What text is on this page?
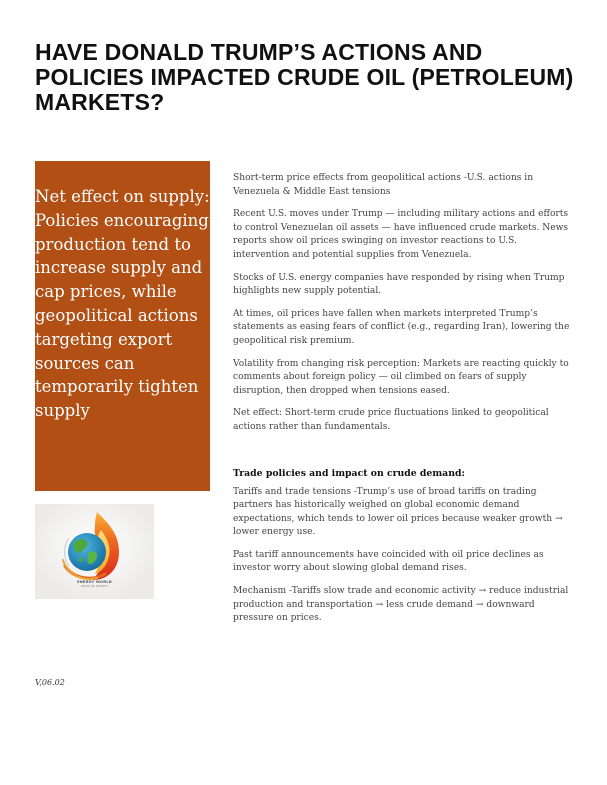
HAVE DONALD TRUMP’S ACTIONS AND POLICIES IMPACTED CRUDE OIL (PETROLEUM) MARKETS?

Net effect on supply: Policies encouraging production tend to increase supply and cap prices, while geopolitical actions targeting export sources can temporarily tighten supply

ENERGY WORLD
CRUDE OIL MARKETS

Short-term price effects from geopolitical actions -U.S. actions in Venezuela & Middle East tensions

Recent U.S. moves under Trump — including military actions and efforts to control Venezuelan oil assets — have influenced crude markets. News reports show oil prices swinging on investor reactions to U.S. intervention and potential supplies from Venezuela.

Stocks of U.S. energy companies have responded by rising when Trump highlights new supply potential.

At times, oil prices have fallen when markets interpreted Trump’s statements as easing fears of conflict (e.g., regarding Iran), lowering the geopolitical risk premium.

Volatility from changing risk perception: Markets are reacting quickly to comments about foreign policy — oil climbed on fears of supply disruption, then dropped when tensions eased.

Net effect: Short-term crude price fluctuations linked to geopolitical actions rather than fundamentals.

Trade policies and impact on crude demand:

Tariffs and trade tensions -Trump’s use of broad tariffs on trading partners has historically weighed on global economic demand expectations, which tends to lower oil prices because weaker growth → lower energy use.

Past tariff announcements have coincided with oil price declines as investor worry about slowing global demand rises.

Mechanism -Tariffs slow trade and economic activity → reduce industrial production and transportation → less crude demand → downward pressure on prices.

V,06.02
